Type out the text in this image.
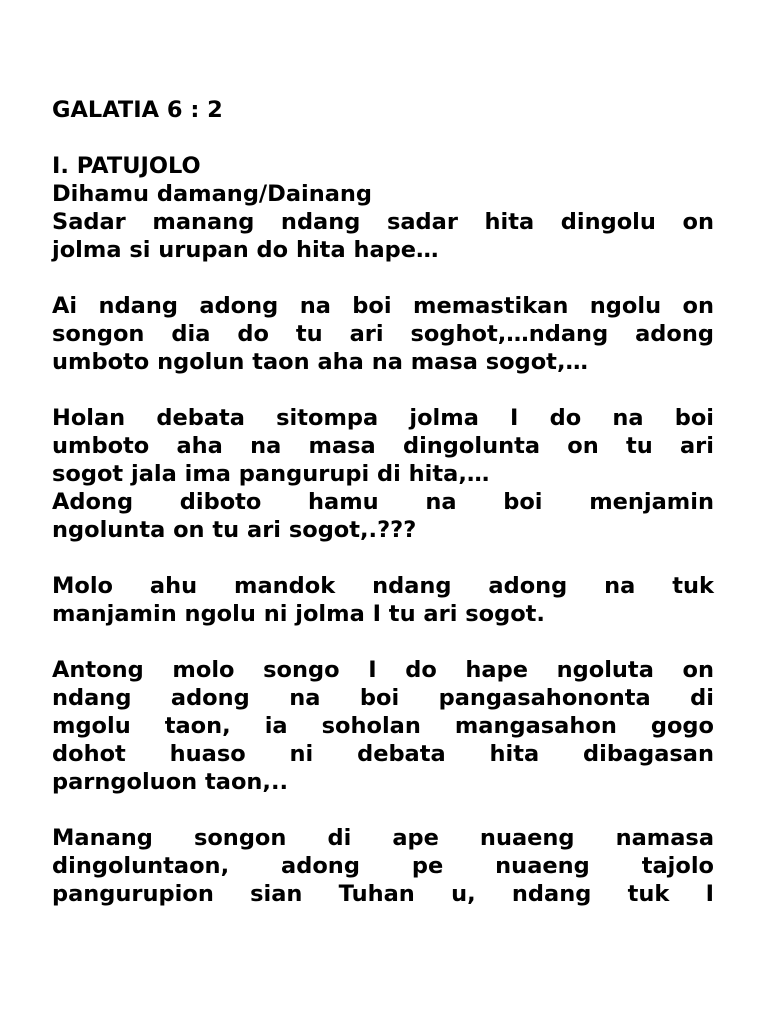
GALATIA 6 : 2
I. PATUJOLO
Dihamu damang/Dainang
Sadar manang ndang sadar hita dingolu on
jolma si urupan do hita hape…
Ai ndang adong na boi memastikan ngolu on
songon dia do tu ari soghot,…ndang adong
umboto ngolun taon aha na masa sogot,…
Holan debata sitompa jolma I do na boi
umboto aha na masa dingolunta on tu ari
sogot jala ima pangurupi di hita,…
Adong diboto hamu na boi menjamin
ngolunta on tu ari sogot,.???
Molo ahu mandok ndang adong na tuk
manjamin ngolu ni jolma I tu ari sogot.
Antong molo songo I do hape ngoluta on
ndang adong na boi pangasahononta di
mgolu taon, ia soholan mangasahon gogo
dohot huaso ni debata hita dibagasan
parngoluon taon,..
Manang songon di ape nuaeng namasa
dingoluntaon, adong pe nuaeng tajolo
pangurupion sian Tuhan u, ndang tuk I
